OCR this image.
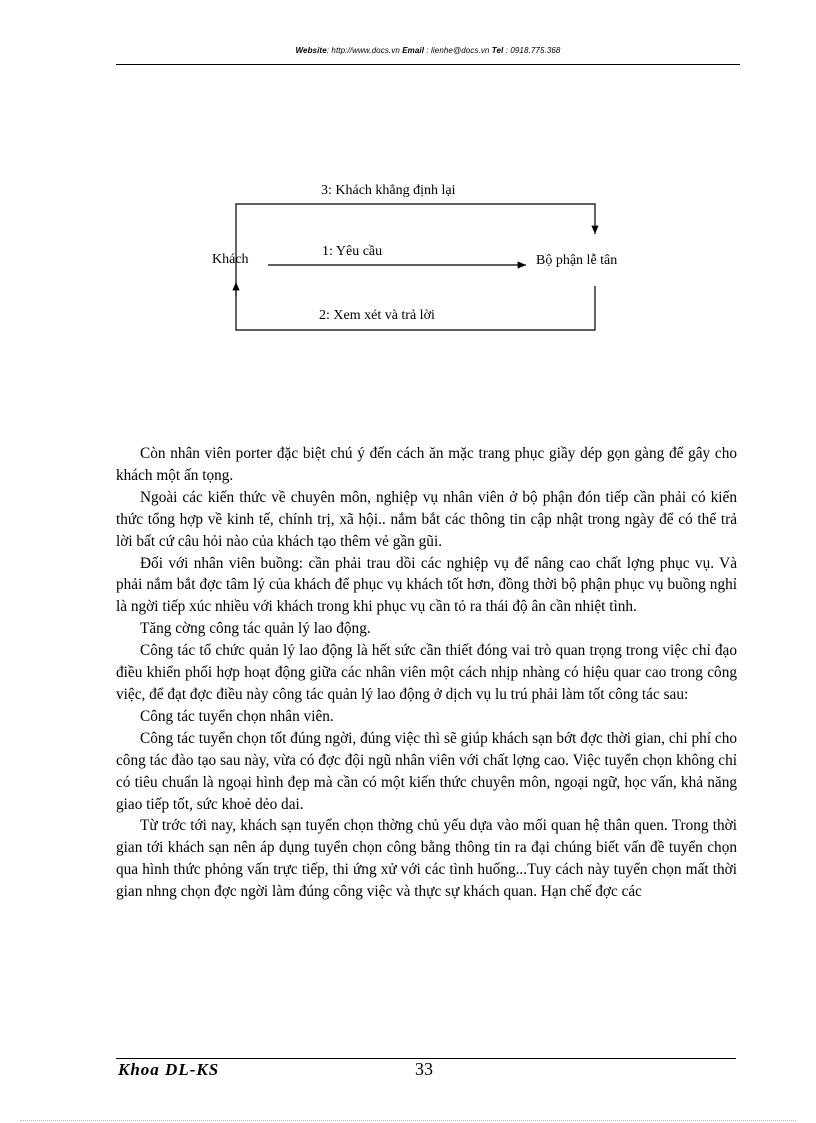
Website: http://www.docs.vn Email : lienhe@docs.vn Tel : 0918.775.368
3: Khách khẳng định lại
Khách
1: Yêu cầu
Bộ phận lễ tân
2: Xem xét và trả lời

Còn nhân viên porter đặc biệt chú ý đến cách ăn mặc trang phục giầy dép gọn gàng để gây cho khách một ấn tọng.

Ngoài các kiến thức về chuyên môn, nghiệp vụ nhân viên ở bộ phận đón tiếp cần phải có kiến thức tổng hợp về kinh tế, chính trị, xã hội.. nắm bắt các thông tin cập nhật trong ngày để có thể trả lời bất cứ câu hỏi nào của khách tạo thêm vẻ gần gũi.

Đối với nhân viên buồng: cần phải trau dồi các nghiệp vụ để nâng cao chất lợng phục vụ. Và phải nắm bắt đợc tâm lý của khách để phục vụ khách tốt hơn, đồng thời bộ phận phục vụ buồng nghỉ là ngời tiếp xúc nhiều với khách trong khi phục vụ cần tỏ ra thái độ ân cần nhiệt tình.

Tăng cờng công tác quản lý lao động.

Công tác tổ chức quản lý lao động là hết sức cần thiết đóng vai trò quan trọng trong việc chỉ đạo điều khiển phối hợp hoạt động giữa các nhân viên một cách nhịp nhàng có hiệu quar cao trong công việc, để đạt đợc điều này công tác quản lý lao động ở dịch vụ lu trú phải làm tốt công tác sau:

Công tác tuyển chọn nhân viên.

Công tác tuyển chọn tốt đúng ngời, đúng việc thì sẽ giúp khách sạn bớt đợc thời gian, chi phí cho công tác đào tạo sau này, vừa có đợc đội ngũ nhân viên với chất lợng cao. Việc tuyển chọn không chỉ có tiêu chuẩn là ngoại hình đẹp mà cần có một kiến thức chuyên môn, ngoại ngữ, học vấn, khả năng giao tiếp tốt, sức khoẻ dẻo dai.

Từ trớc tới nay, khách sạn tuyển chọn thờng chủ yếu dựa vào mối quan hệ thân quen. Trong thời gian tới khách sạn nên áp dụng tuyển chọn công bằng thông tin ra đại chúng biết vấn đề tuyển chọn qua hình thức phỏng vấn trực tiếp, thi ứng xử với các tình huống...Tuy cách này tuyển chọn mất thời gian nhng chọn đợc ngời làm đúng công việc và thực sự khách quan. Hạn chế đợc các

Khoa DL-KS	33
